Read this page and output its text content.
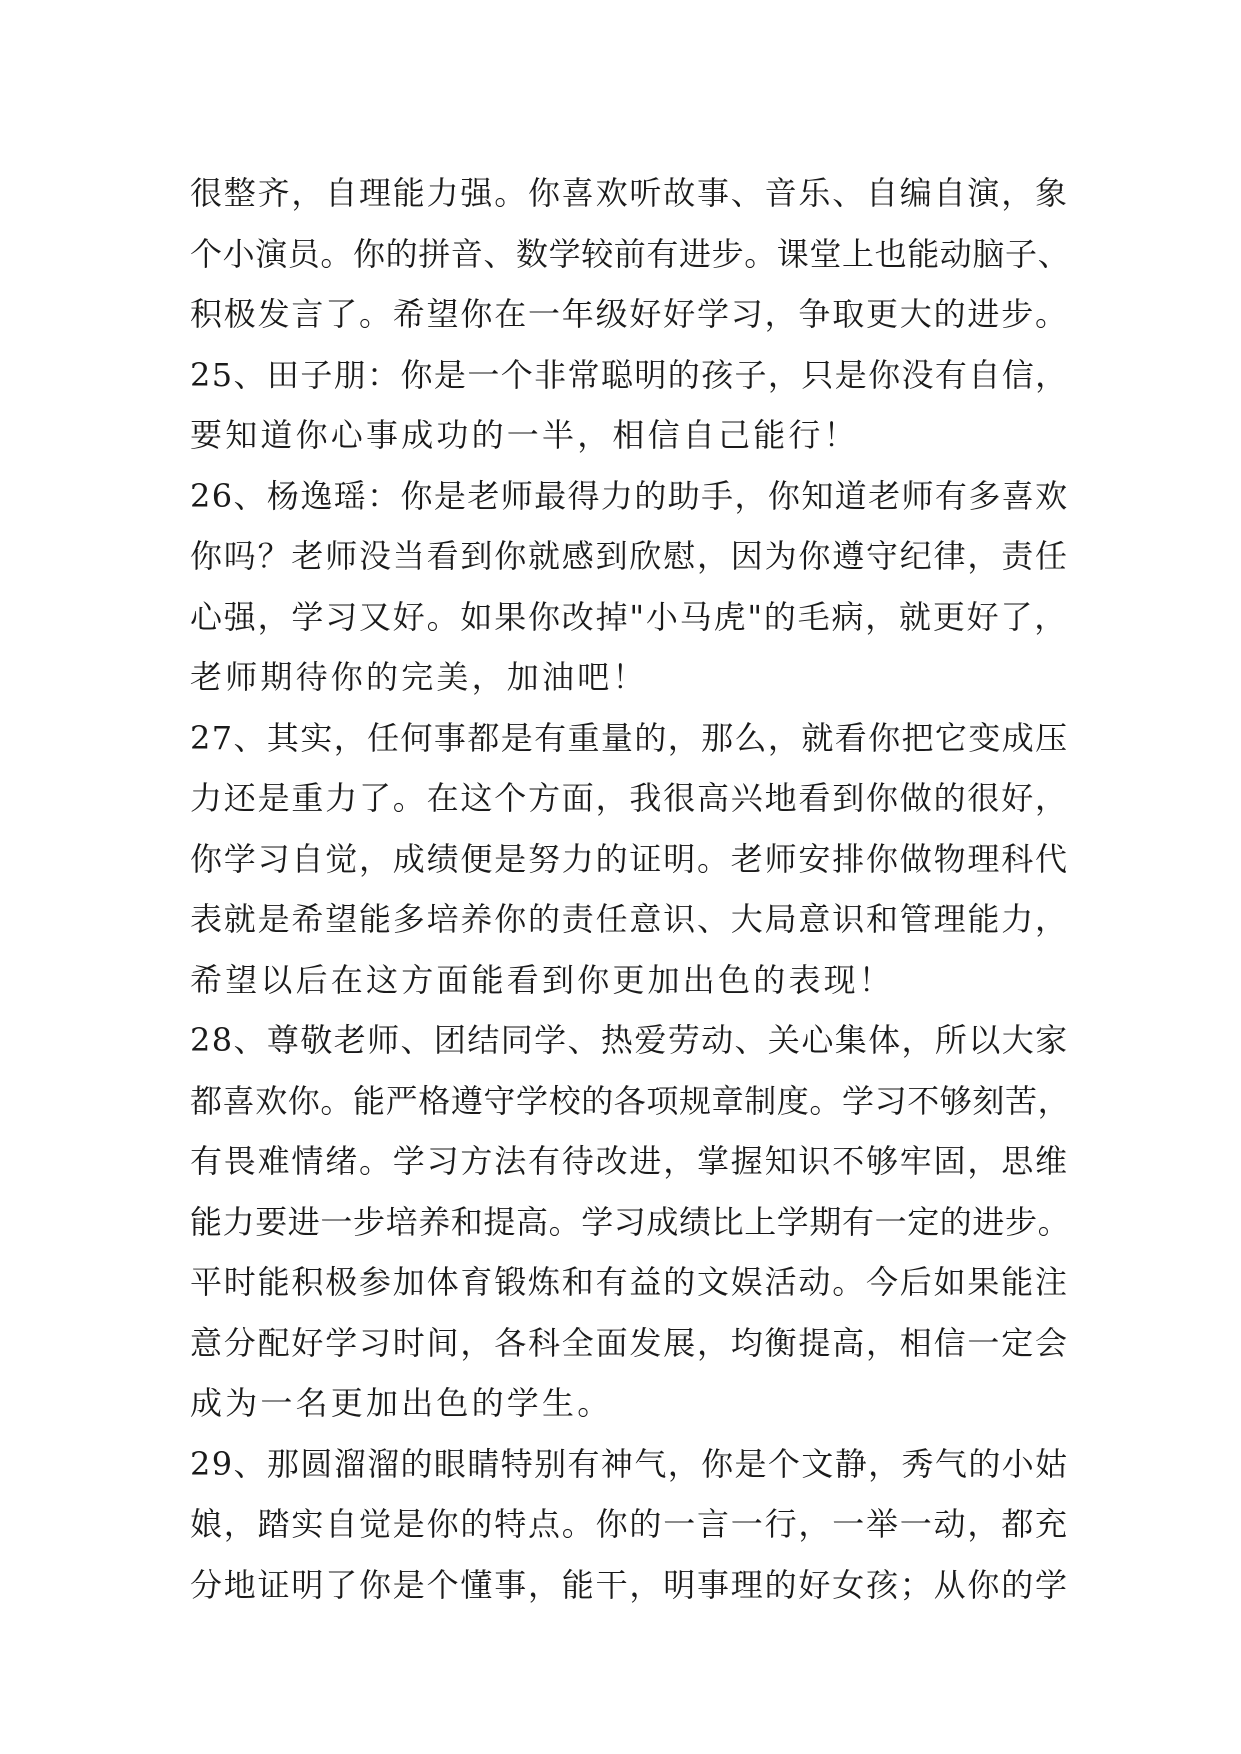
很整齐，自理能力强。你喜欢听故事、音乐、自编自演，象
个小演员。你的拼音、数学较前有进步。课堂上也能动脑子、
积极发言了。希望你在一年级好好学习，争取更大的进步。
25、田子朋：你是一个非常聪明的孩子，只是你没有自信，
要知道你心事成功的一半，相信自己能行！
26、杨逸瑶：你是老师最得力的助手，你知道老师有多喜欢
你吗？老师没当看到你就感到欣慰，因为你遵守纪律，责任
心强，学习又好。如果你改掉"小马虎"的毛病，就更好了，
老师期待你的完美，加油吧！
27、其实，任何事都是有重量的，那么，就看你把它变成压
力还是重力了。在这个方面，我很高兴地看到你做的很好，
你学习自觉，成绩便是努力的证明。老师安排你做物理科代
表就是希望能多培养你的责任意识、大局意识和管理能力，
希望以后在这方面能看到你更加出色的表现！
28、尊敬老师、团结同学、热爱劳动、关心集体，所以大家
都喜欢你。能严格遵守学校的各项规章制度。学习不够刻苦，
有畏难情绪。学习方法有待改进，掌握知识不够牢固，思维
能力要进一步培养和提高。学习成绩比上学期有一定的进步。
平时能积极参加体育锻炼和有益的文娱活动。今后如果能注
意分配好学习时间，各科全面发展，均衡提高，相信一定会
成为一名更加出色的学生。
29、那圆溜溜的眼睛特别有神气，你是个文静，秀气的小姑
娘，踏实自觉是你的特点。你的一言一行，一举一动，都充
分地证明了你是个懂事，能干，明事理的好女孩；从你的学
